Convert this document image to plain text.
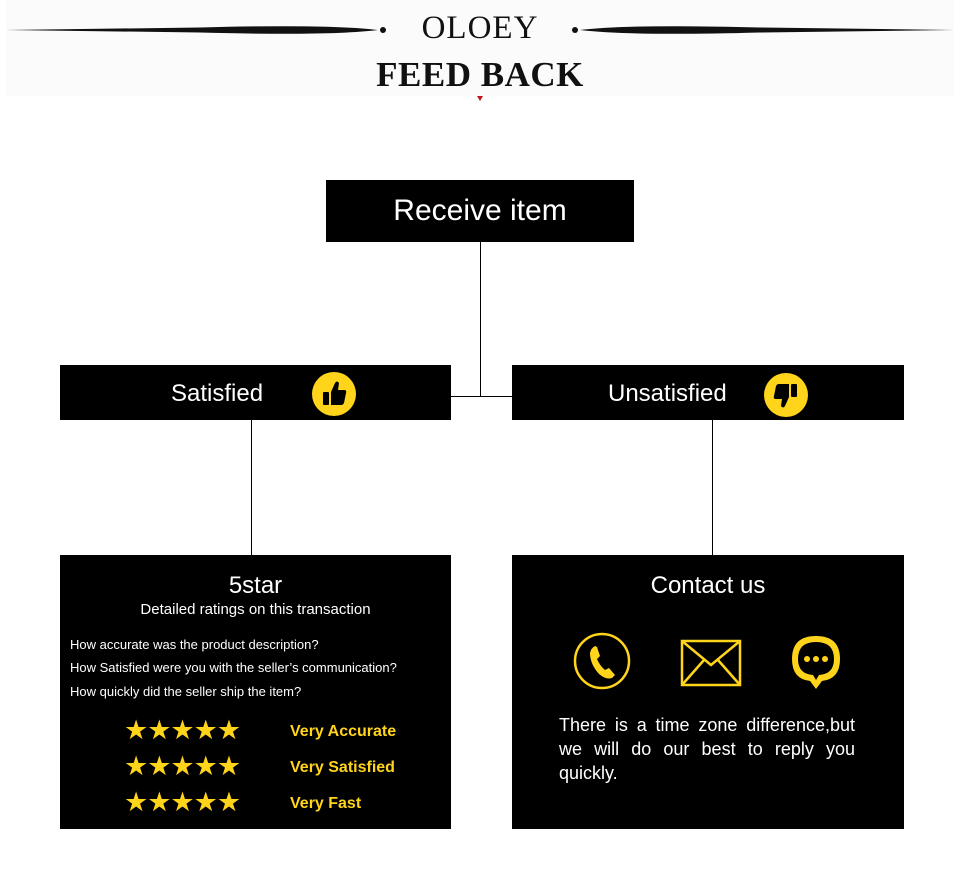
OLOEY
FEED BACK
Receive item
Satisfied	Unsatisfied
5star
Detailed ratings on this transaction
How accurate was the product description?
How Satisfied were you with the seller’s communication?
How quickly did the seller ship the item?
★★★★★	Very Accurate
★★★★★	Very Satisfied
★★★★★	Very Fast
Contact us
There is a time zone difference,but we will do our best to reply you quickly.
